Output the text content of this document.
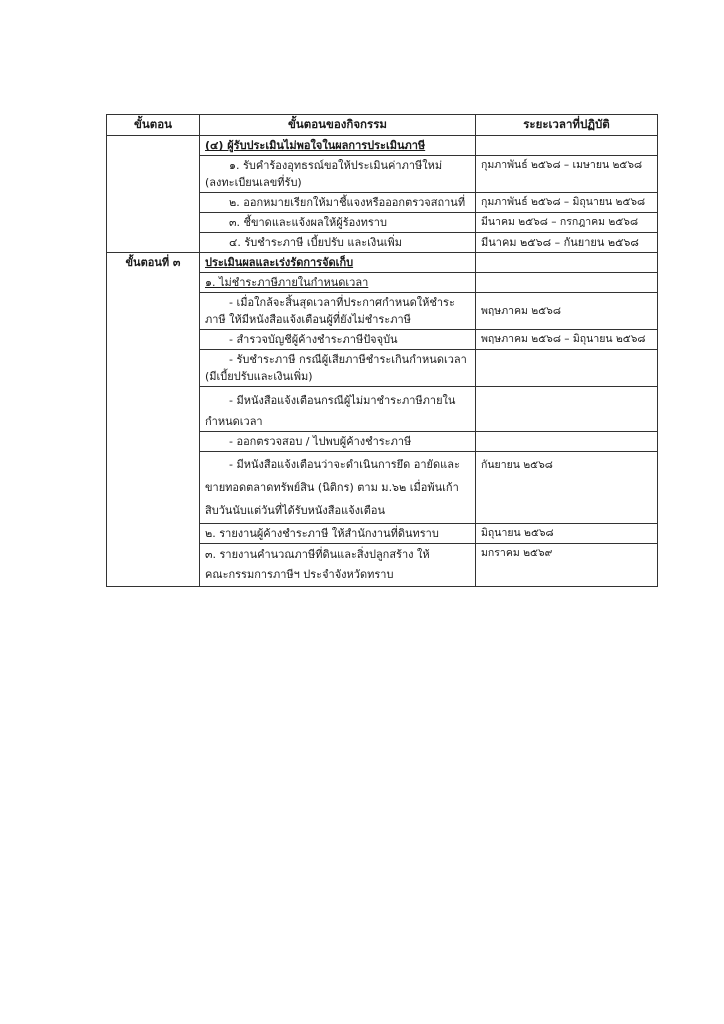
ขั้นตอน	ขั้นตอนของกิจกรรม	ระยะเวลาที่ปฏิบัติ
	(๔) ผู้รับประเมินไม่พอใจในผลการประเมินภาษี	

	๑. รับคำร้องอุทธรณ์ขอให้ประเมินค่าภาษีใหม่
(ลงทะเบียนเลขที่รับ)	กุมภาพันธ์ ๒๕๖๘ – เมษายน ๒๕๖๘

	๒. ออกหมายเรียกให้มาชี้แจงหรือออกตรวจสถานที่	กุมภาพันธ์ ๒๕๖๘ – มิถุนายน ๒๕๖๘

	๓. ชี้ขาดและแจ้งผลให้ผู้ร้องทราบ	มีนาคม ๒๕๖๘ – กรกฎาคม ๒๕๖๘

	๔. รับชำระภาษี เบี้ยปรับ และเงินเพิ่ม	มีนาคม ๒๕๖๘ – กันยายน ๒๕๖๘
ขั้นตอนที่ ๓	ประเมินผลและเร่งรัดการจัดเก็บ	
	๑. ไม่ชำระภาษีภายในกำหนดเวลา	

	- เมื่อใกล้จะสิ้นสุดเวลาที่ประกาศกำหนดให้ชำระ
ภาษี ให้มีหนังสือแจ้งเตือนผู้ที่ยังไม่ชำระภาษี	พฤษภาคม ๒๕๖๘

	- สำรวจบัญชีผู้ค้างชำระภาษีปัจจุบัน	พฤษภาคม ๒๕๖๘ – มิถุนายน ๒๕๖๘

	- รับชำระภาษี กรณีผู้เสียภาษีชำระเกินกำหนดเวลา
(มีเบี้ยปรับและเงินเพิ่ม)	

	- มีหนังสือแจ้งเตือนกรณีผู้ไม่มาชำระภาษีภายใน
กำหนดเวลา	

	- ออกตรวจสอบ / ไปพบผู้ค้างชำระภาษี	

	- มีหนังสือแจ้งเตือนว่าจะดำเนินการยึด อายัดและ
ขายทอดตลาดทรัพย์สิน (นิติกร) ตาม ม.๖๒ เมื่อพ้นเก้า
สิบวันนับแต่วันที่ได้รับหนังสือแจ้งเตือน	กันยายน ๒๕๖๘

	๒. รายงานผู้ค้างชำระภาษี ให้สำนักงานที่ดินทราบ	มิถุนายน ๒๕๖๘

	๓. รายงานคำนวณภาษีที่ดินและสิ่งปลูกสร้าง ให้
คณะกรรมการภาษีฯ ประจำจังหวัดทราบ	มกราคม ๒๕๖๙
